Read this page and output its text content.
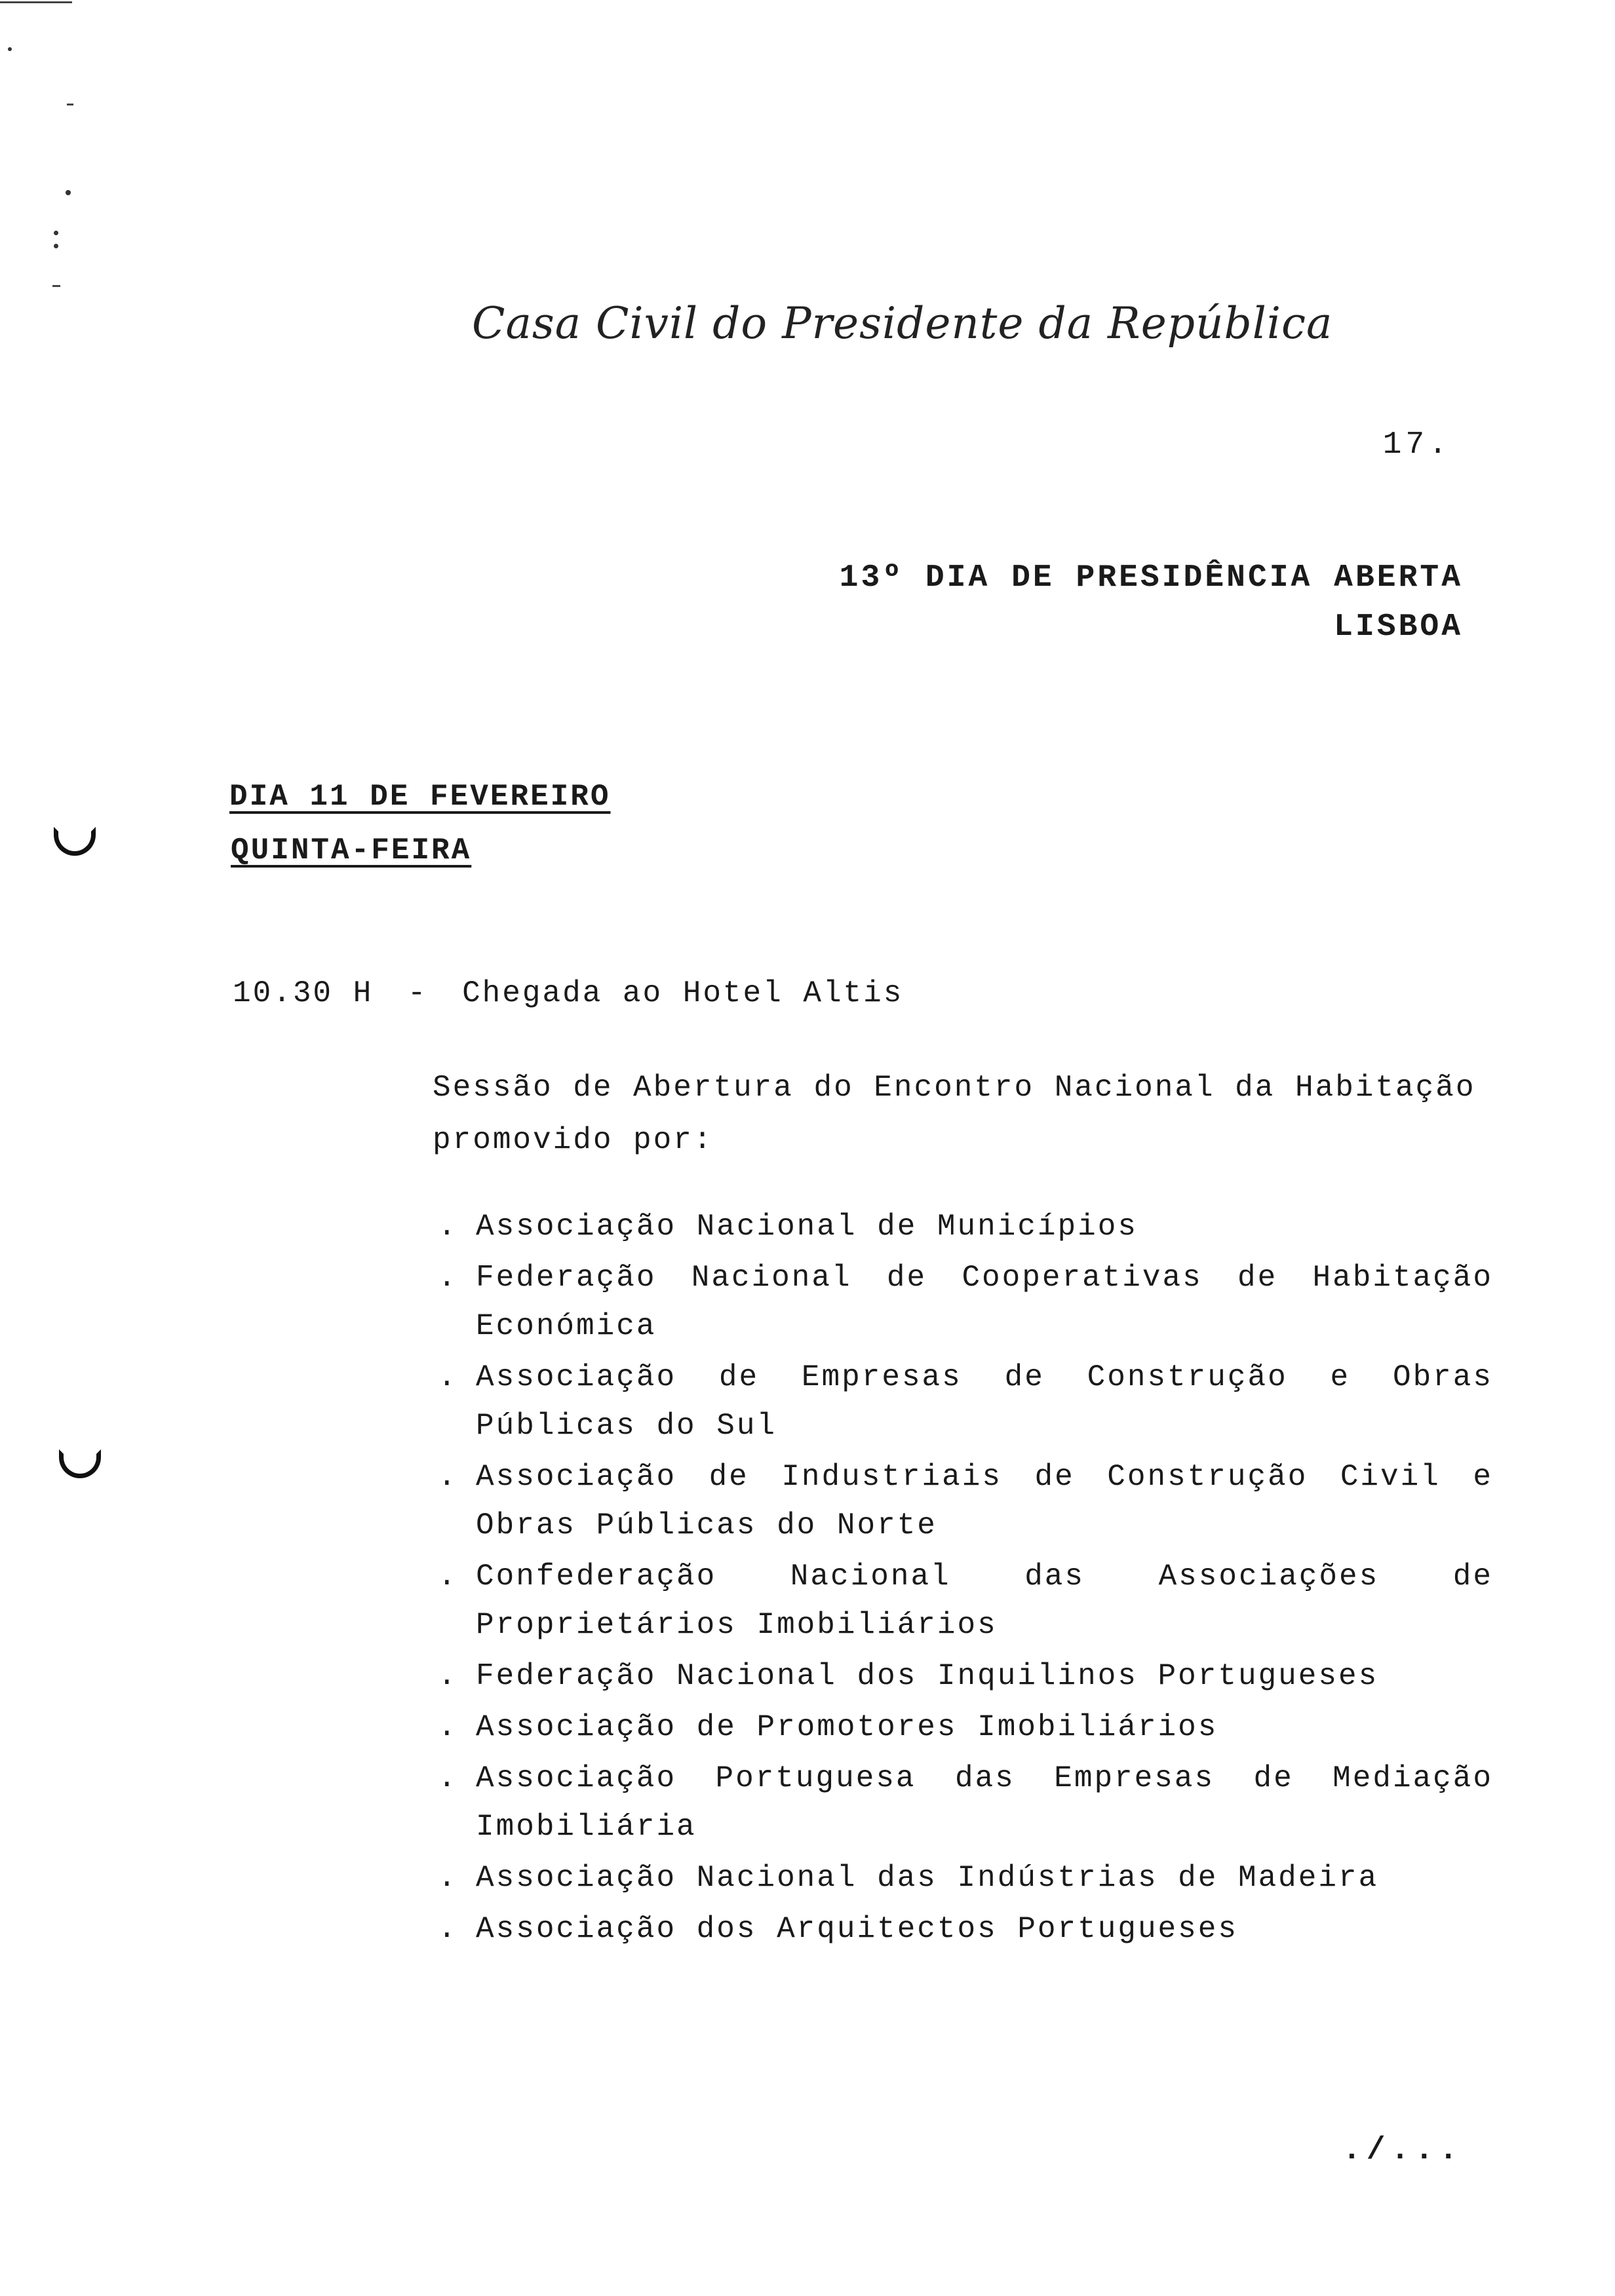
Casa Civil do Presidente da República
17.
13º DIA DE PRESIDÊNCIA ABERTA
LISBOA
DIA 11 DE FEVEREIRO
QUINTA-FEIRA
10.30 H - Chegada ao Hotel Altis
Sessão de Abertura do Encontro Nacional da Habitação promovido por:
. Associação Nacional de Municípios
. Federação Nacional de Cooperativas de Habitação Económica
. Associação de Empresas de Construção e Obras Públicas do Sul
. Associação de Industriais de Construção Civil e Obras Públicas do Norte
. Confederação Nacional das Associações de Proprietários Imobiliários
. Federação Nacional dos Inquilinos Portugueses
. Associação de Promotores Imobiliários
. Associação Portuguesa das Empresas de Mediação Imobiliária
. Associação Nacional das Indústrias de Madeira
. Associação dos Arquitectos Portugueses
./...
